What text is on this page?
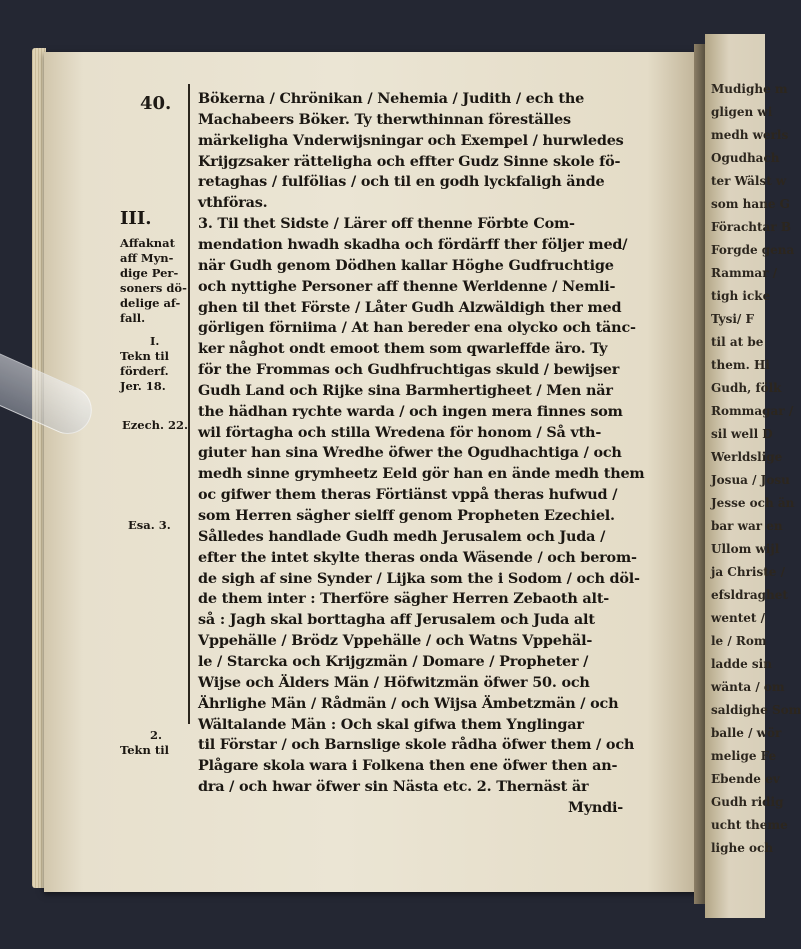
Mudighe m
gligen wi
medh werls
Ogudhach
ter Wälst w
som hane G
Förachtar B
Forgde gena
Rammar /
tigh icke
Tysi/ F
til at be
them. Hi
Gudh, fölk
Rommagar /
sil well D
Werldslige
Josua / Josu
Jesse och än
bar war en
Ullom wijl
ja Christe /
efsldraghet
wentet /
le / Rom
ladde sin
wänta / om
saldighe Som
balle / wör
melige Fe
Ebende ev
Gudh ridig
ucht theme
lighe och
40. Bökerna / Chrönikan / Nehemia / Judith / ech the
Machabeers Böker. Ty therwthinnan föreställes
märkeligha Vnderwijsningar och Exempel / hurwledes
Krijgzsaker rätteligha och effter Gudz Sinne skole fö-
retaghas / fulfölias / och til en godh lyckfaligh ände
vthföras.
3. Til thet Sidste / Lärer off thenne Förbte Com-
mendation hwadh skadha och fördärff ther följer med/
när Gudh genom Dödhen kallar Höghe Gudfruchtige
och nyttighe Personer aff thenne Werldenne / Nemli-
ghen til thet Förste / Låter Gudh Alzwäldigh ther med
görligen förniima / At han bereder ena olycko och tänc-
ker någhot ondt emoot them som qwarleffde äro. Ty
för the Frommas och Gudhfruchtigas skuld / bewijser
Gudh Land och Rijke sina Barmhertigheet / Men när
the hädhan rychte warda / och ingen mera finnes som
wil förtagha och stilla Wredena för honom / Så vth-
giuter han sina Wredhe öfwer the Ogudhachtiga / och
medh sinne grymheetz Eeld gör han en ände medh them
oc gifwer them theras Förtiänst vppå theras hufwud /
som Herren sägher sielff genom Propheten Ezechiel.
Sålledes handlade Gudh medh Jerusalem och Juda /
efter the intet skylte theras onda Wäsende / och berom-
de sigh af sine Synder / Lijka som the i Sodom / och döl-
de them inter : Therföre sägher Herren Zebaoth alt-
så : Jagh skal borttagha aff Jerusalem och Juda alt
Vppehälle / Brödz Vppehälle / och Watns Vppehäl-
le / Starcka och Krijgzmän / Domare / Propheter /
Wijse och Älders Män / Höfwitzmän öfwer 50. och
Ährlighe Män / Rådmän / och Wijsa Ämbetzmän / och
Wältalande Män : Och skal gifwa them Ynglingar
til Förstar / och Barnslige skole rådha öfwer them / och
Plågare skola wara i Folkena then ene öfwer then an-
dra / och hwar öfwer sin Nästa etc. 2. Thernäst är
Myndi-
III.
Affaknat
aff Myn-
dige Per-
soners dö-
delige af-
fall.
I.
Tekn til
förderf.
Jer. 18.
Ezech. 22.
Esa. 3.
2.
Tekn til
